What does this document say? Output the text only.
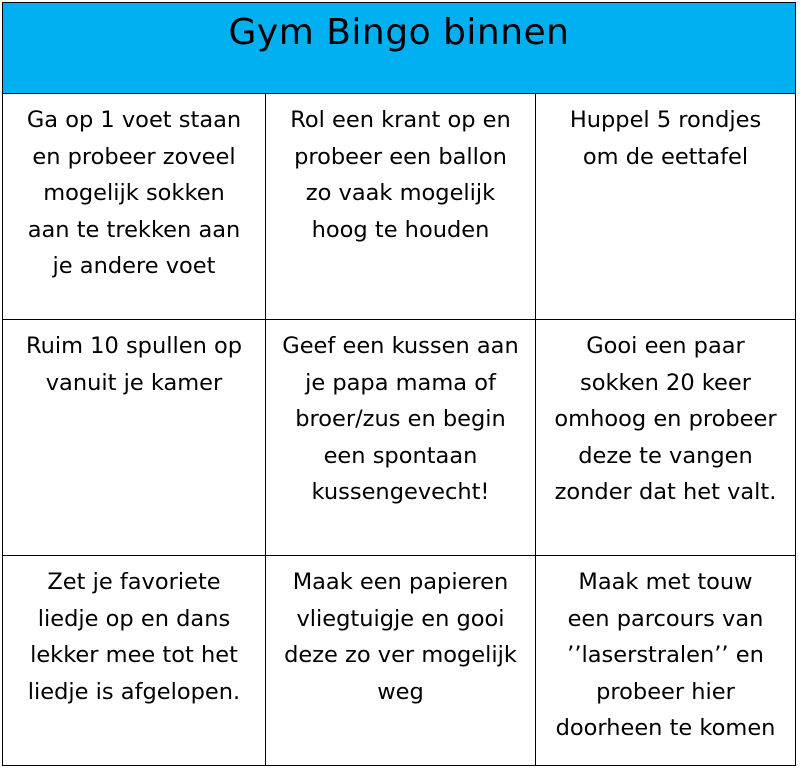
Gym Bingo binnen
Ga op 1 voet staan
en probeer zoveel
mogelijk sokken
aan te trekken aan
je andere voet
Rol een krant op en
probeer een ballon
zo vaak mogelijk
hoog te houden
Huppel 5 rondjes
om de eettafel
Ruim 10 spullen op
vanuit je kamer
Geef een kussen aan
je papa mama of
broer/zus en begin
een spontaan
kussengevecht!
Gooi een paar
sokken 20 keer
omhoog en probeer
deze te vangen
zonder dat het valt.
Zet je favoriete
liedje op en dans
lekker mee tot het
liedje is afgelopen.
Maak een papieren
vliegtuigje en gooi
deze zo ver mogelijk
weg
Maak met touw
een parcours van
’’laserstralen’’ en
probeer hier
doorheen te komen
